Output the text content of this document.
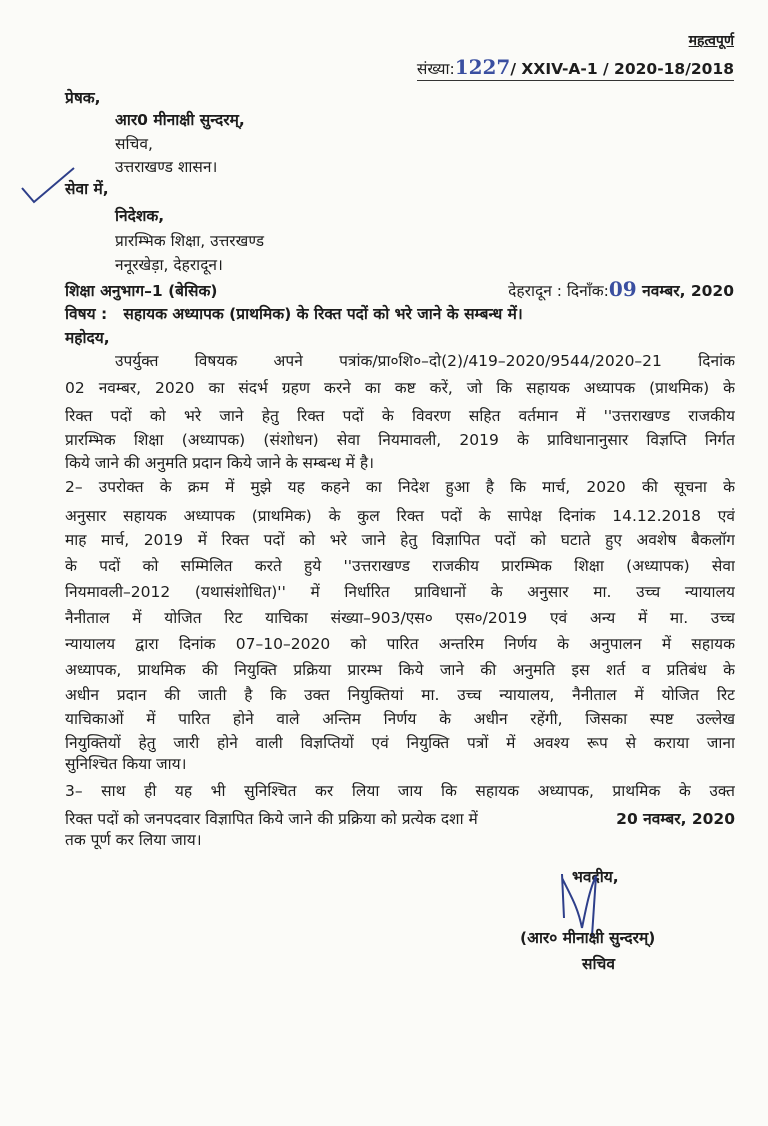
महत्वपूर्ण
संख्या:1227/ XXIV-A-1 / 2020-18/2018
प्रेषक,
आर0 मीनाक्षी सुन्दरम्,
सचिव,
उत्तराखण्ड शासन।
सेवा में,
निदेशक,
प्रारम्भिक शिक्षा, उत्तरखण्ड
ननूरखेड़ा, देहरादून।
शिक्षा अनुभाग–1 (बेसिक)	देहरादून : दिनाँक:09 नवम्बर, 2020
विषय : सहायक अध्यापक (प्राथमिक) के रिक्त पदों को भरे जाने के सम्बन्ध में।
महोदय,
उपर्युक्त विषयक अपने पत्रांक/प्रा०शि०–दो(2)/419–2020/9544/2020–21 दिनांक
02 नवम्बर, 2020 का संदर्भ ग्रहण करने का कष्ट करें, जो कि सहायक अध्यापक (प्राथमिक) के
रिक्त पदों को भरे जाने हेतु रिक्त पदों के विवरण सहित वर्तमान में ''उत्तराखण्ड राजकीय
प्रारम्भिक शिक्षा (अध्यापक) (संशोधन) सेवा नियमावली, 2019 के प्राविधानानुसार विज्ञप्ति निर्गत
किये जाने की अनुमति प्रदान किये जाने के सम्बन्ध में है।
2– उपरोक्त के क्रम में मुझे यह कहने का निदेश हुआ है कि मार्च, 2020 की सूचना के
अनुसार सहायक अध्यापक (प्राथमिक) के कुल रिक्त पदों के सापेक्ष दिनांक 14.12.2018 एवं
माह मार्च, 2019 में रिक्त पदों को भरे जाने हेतु विज्ञापित पदों को घटाते हुए अवशेष बैकलॉग
के पदों को सम्मिलित करते हुये ''उत्तराखण्ड राजकीय प्रारम्भिक शिक्षा (अध्यापक) सेवा
नियमावली–2012 (यथासंशोधित)'' में निर्धारित प्राविधानों के अनुसार मा. उच्च न्यायालय
नैनीताल में योजित रिट याचिका संख्या–903/एस० एस०/2019 एवं अन्य में मा. उच्च
न्यायालय द्वारा दिनांक 07–10–2020 को पारित अन्तरिम निर्णय के अनुपालन में सहायक
अध्यापक, प्राथमिक की नियुक्ति प्रक्रिया प्रारम्भ किये जाने की अनुमति इस शर्त व प्रतिबंध के
अधीन प्रदान की जाती है कि उक्त नियुक्तियां मा. उच्च न्यायालय, नैनीताल में योजित रिट
याचिकाओं में पारित होने वाले अन्तिम निर्णय के अधीन रहेंगी, जिसका स्पष्ट उल्लेख
नियुक्तियों हेतु जारी होने वाली विज्ञप्तियों एवं नियुक्ति पत्रों में अवश्य रूप से कराया जाना
सुनिश्चित किया जाय।
3– साथ ही यह भी सुनिश्चित कर लिया जाय कि सहायक अध्यापक, प्राथमिक के उक्त
रिक्त पदों को जनपदवार विज्ञापित किये जाने की प्रक्रिया को प्रत्येक दशा में	20 नवम्बर, 2020
तक पूर्ण कर लिया जाय।
भवदीय,
(आर० मीनाक्षी सुन्दरम्)
सचिव
